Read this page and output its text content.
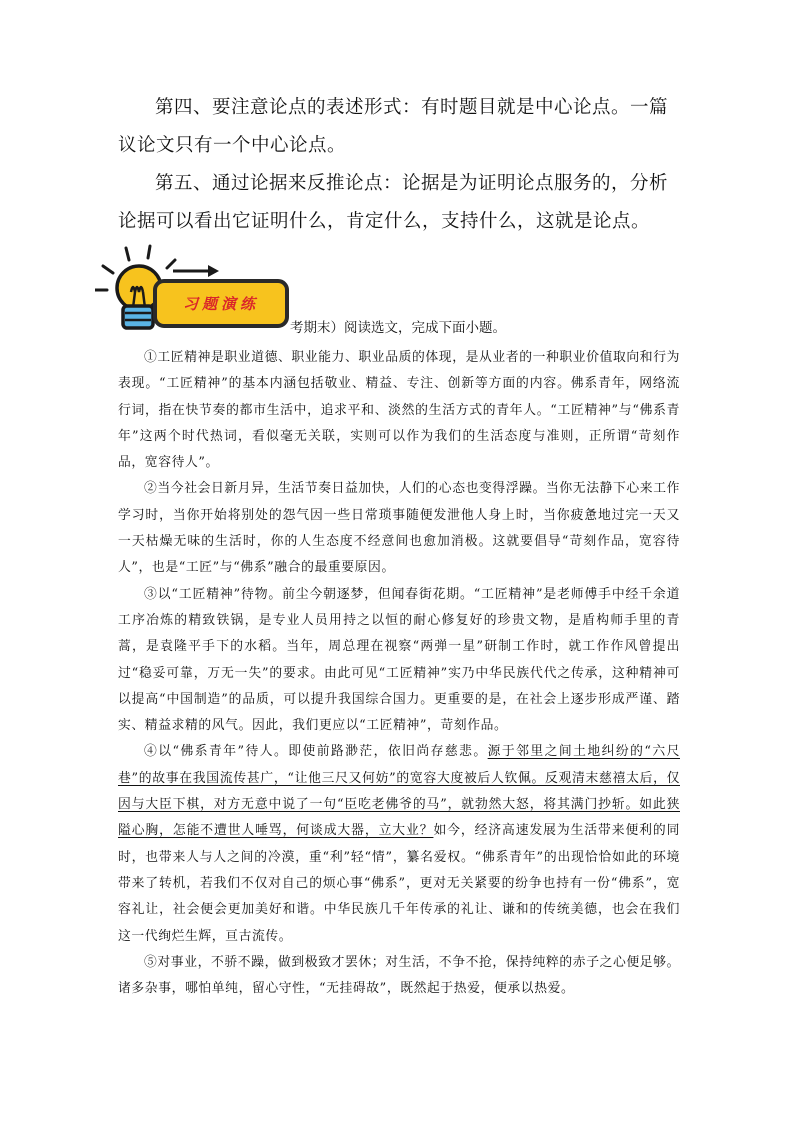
第四、要注意论点的表述形式：有时题目就是中心论点。一篇议论文只有一个中心论点。

第五、通过论据来反推论点：论据是为证明论点服务的，分析论据可以看出它证明什么，肯定什么，支持什么，这就是论点。

习题演练
考期末）阅读选文，完成下面小题。

①工匠精神是职业道德、职业能力、职业品质的体现，是从业者的一种职业价值取向和行为表现。“工匠精神”的基本内涵包括敬业、精益、专注、创新等方面的内容。佛系青年，网络流行词，指在快节奏的都市生活中，追求平和、淡然的生活方式的青年人。“工匠精神”与“佛系青年”这两个时代热词，看似毫无关联，实则可以作为我们的生活态度与准则，正所谓“苛刻作品，宽容待人”。

②当今社会日新月异，生活节奏日益加快，人们的心态也变得浮躁。当你无法静下心来工作学习时，当你开始将别处的怨气因一些日常琐事随便发泄他人身上时，当你疲惫地过完一天又一天枯燥无味的生活时，你的人生态度不经意间也愈加消极。这就要倡导“苛刻作品，宽容待人”，也是“工匠”与“佛系”融合的最重要原因。

③以“工匠精神”待物。前尘今朝逐梦，但闻春街花期。“工匠精神”是老师傅手中经千余道工序冶炼的精致铁锅，是专业人员用持之以恒的耐心修复好的珍贵文物，是盾构师手里的青蒿，是袁隆平手下的水稻。当年，周总理在视察“两弹一星”研制工作时，就工作作风曾提出过“稳妥可靠，万无一失”的要求。由此可见“工匠精神”实乃中华民族代代之传承，这种精神可以提高“中国制造”的品质，可以提升我国综合国力。更重要的是，在社会上逐步形成严谨、踏实、精益求精的风气。因此，我们更应以“工匠精神”，苛刻作品。

④以“佛系青年”待人。即使前路渺茫，依旧尚存慈悲。源于邻里之间土地纠纷的“六尺巷”的故事在我国流传甚广，“让他三尺又何妨”的宽容大度被后人钦佩。反观清末慈禧太后，仅因与大臣下棋，对方无意中说了一句“臣吃老佛爷的马”，就勃然大怒，将其满门抄斩。如此狭隘心胸，怎能不遭世人唾骂，何谈成大器，立大业？如今，经济高速发展为生活带来便利的同时，也带来人与人之间的冷漠，重“利”轻“情”，纂名爱权。“佛系青年”的出现恰恰如此的环境带来了转机，若我们不仅对自己的烦心事“佛系”，更对无关紧要的纷争也持有一份“佛系”，宽容礼让，社会便会更加美好和谐。中华民族几千年传承的礼让、谦和的传统美德，也会在我们这一代绚烂生辉，亘古流传。

⑤对事业，不骄不躁，做到极致才罢休；对生活，不争不抢，保持纯粹的赤子之心便足够。诸多杂事，哪怕单纯，留心守性，“无挂碍故”，既然起于热爱，便承以热爱。
